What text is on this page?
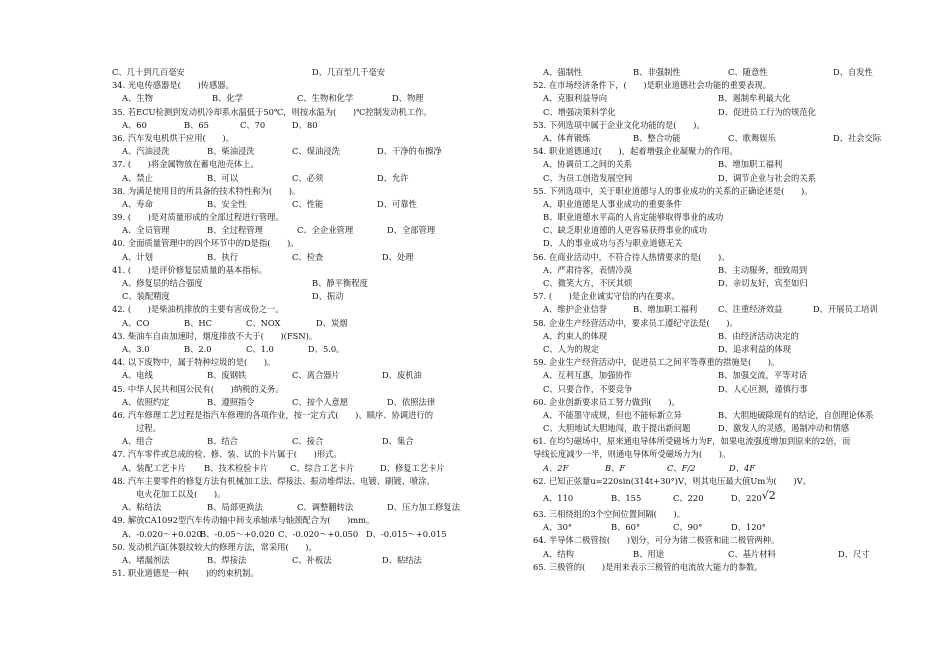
C、几十到几百毫安	D、几百至几千毫安
34. 光电传感器是(　　)传感器。
A、生物	B、化学	C、生物和化学	D、物理
35. 若ECU检测到发动机冷却系水温低于50℃，则按水温为(　　)℃控制发动机工作。
A、60	B、65	C、70	D、80
36. 汽车发电机烘干应用(　　)。
A、汽油浸洗	B、柴油浸洗	C、煤油浸洗	D、干净的布擦净
37. (　　)将金属物放在蓄电池壳体上。
A、禁止	B、可以	C、必须	D、允许
38. 为满足使用目的所具备的技术特性称为(　　)。
A、寿命	B、安全性	C、性能	D、可靠性
39. (　　)是对质量形成的全部过程进行管理。
A、全员管理	B、全过程管理	C、全企业管理	D、全部管理
40. 全面质量管理中的四个环节中的D是指(　　)。
A、计划	B、执行	C、检查	D、处理
41. (　　)是评价修复层质量的基本指标。
A、修复层的结合强度	B、静平衡程度
C、装配精度	D、振动
42. (　　)是柴油机排放的主要有害成份之一。
A、CO	B、HC	C、NOX	D、炭烟
43. 柴油车自由加速时，烟度排放不大于(　　)(FSN)。
A、3.0	B、2.0	C、1.0	D、5.0。
44. 以下废物中，属于特种垃圾的是(　　)。
A、电线	B、废钢铁	C、离合器片	D、废机油
45. 中华人民共和国公民有(　　)纳税的义务。
A、依照约定	B、遵照指令	C、按个人意愿	D、依照法律
46. 汽车修理工艺过程是指汽车修理的各项作业，按一定方式(　　)、顺序、协调进行的
过程。
A、组合	B、结合	C、接合	D、集合
47. 汽车零件或总成的检、修、装、试的卡片属于(　　)形式。
A、装配工艺卡片	B、技术检验卡片	C、综合工艺卡片	D、修复工艺卡片
48. 汽车主要零件的修复方法有机械加工法、焊接法、振动堆焊法、电镀、刷镀、喷涂、
电火花加工以及(　　)。
A、粘结法	B、局部更换法	C、调整翻转法	D、压力加工修复法
49. 解放CA1092型汽车传动轴中间支承轴承与轴颈配合为(　　)mm。
A、-0.020～+0.020
B、-0.05～+0.020 C、-0.020～+0.050 D、-0.015～+0.015
50. 发动机汽缸体裂纹较大的修理方法，常采用(　　)。
A、堵漏剂法	B、焊接法	C、补板法	D、粘结法
51. 职业道德是一种(　　)的约束机制。
A、强制性	B、非强制性	C、随意性	D、自发性
52. 在市场经济条件下，(　　)是职业道德社会功能的重要表现。
A、克服利益导向	B、遏制牟利最大化
C、增强决策科学化	D、促进员工行为的规范化
53. 下列选项中属于企业文化功能的是(　　)。
A、体育锻炼	B、整合功能	C、歌舞娱乐	D、社会交际
54. 职业道德通过(　　)，起着增强企业凝聚力的作用。
A、协调员工之间的关系	B、增加职工福利
C、为员工创造发展空间	D、调节企业与社会的关系
55. 下列选项中，关于职业道德与人的事业成功的关系的正确论述是(　　)。
A、职业道德是人事业成功的重要条件
B、职业道德水平高的人肯定能够取得事业的成功
C、缺乏职业道德的人更容易获得事业的成功
D、人的事业成功与否与职业道德无关
56. 在商业活动中，不符合待人热情要求的是(　　)。
A、严肃待客，表情冷漠	B、主动服务，细致周到
C、微笑大方，不厌其烦	D、亲切友好，宾至如归
57. (　　)是企业诚实守信的内在要求。
A、维护企业信誉	B、增加职工福利	C、注重经济效益	D、开展员工培训
58. 企业生产经营活动中，要求员工遵纪守法是(　　)。
A、约束人的体现	B、由经济活动决定的
C、人为的规定	D、追求利益的体现
59. 企业生产经营活动中，促进员工之间平等尊重的措施是(　　)。
A、互利互惠，加强协作	B、加强交流，平等对话
C、只要合作，不要竞争	D、人心叵测，谨慎行事
60. 企业创新要求员工努力做到(　　)。
A、不能墨守成规，但也不能标新立异	B、大胆地破除现有的结论，自创理论体系
C、大胆地试大胆地闯，敢于提出新问题	D、激发人的灵感，遏制冲动和情感
61. 在均匀磁场中，原来通电导体所受磁场力为F，如果电流强度增加到原来的2倍，而
导线长度减少一半，则通电导体所受磁场力为(　　)。
A、2F	B、F	C、F/2	D、4F
62. 已知正弦量u=220sin(314t+30°)V，则其电压最大值Um为(　　)V。
A、110	B、155	C、220	D、220√2
63. 三相绕组的3个空间位置间隔(　　)。
A、30°	B、60°	C、90°	D、120°
64. 半导体二极管按(　　)划分，可分为锗二极管和硅二极管两种。
A、结构	B、用途	C、基片材料	D、尺寸
65. 三极管的(　　)是用来表示三极管的电流放大能力的参数。
